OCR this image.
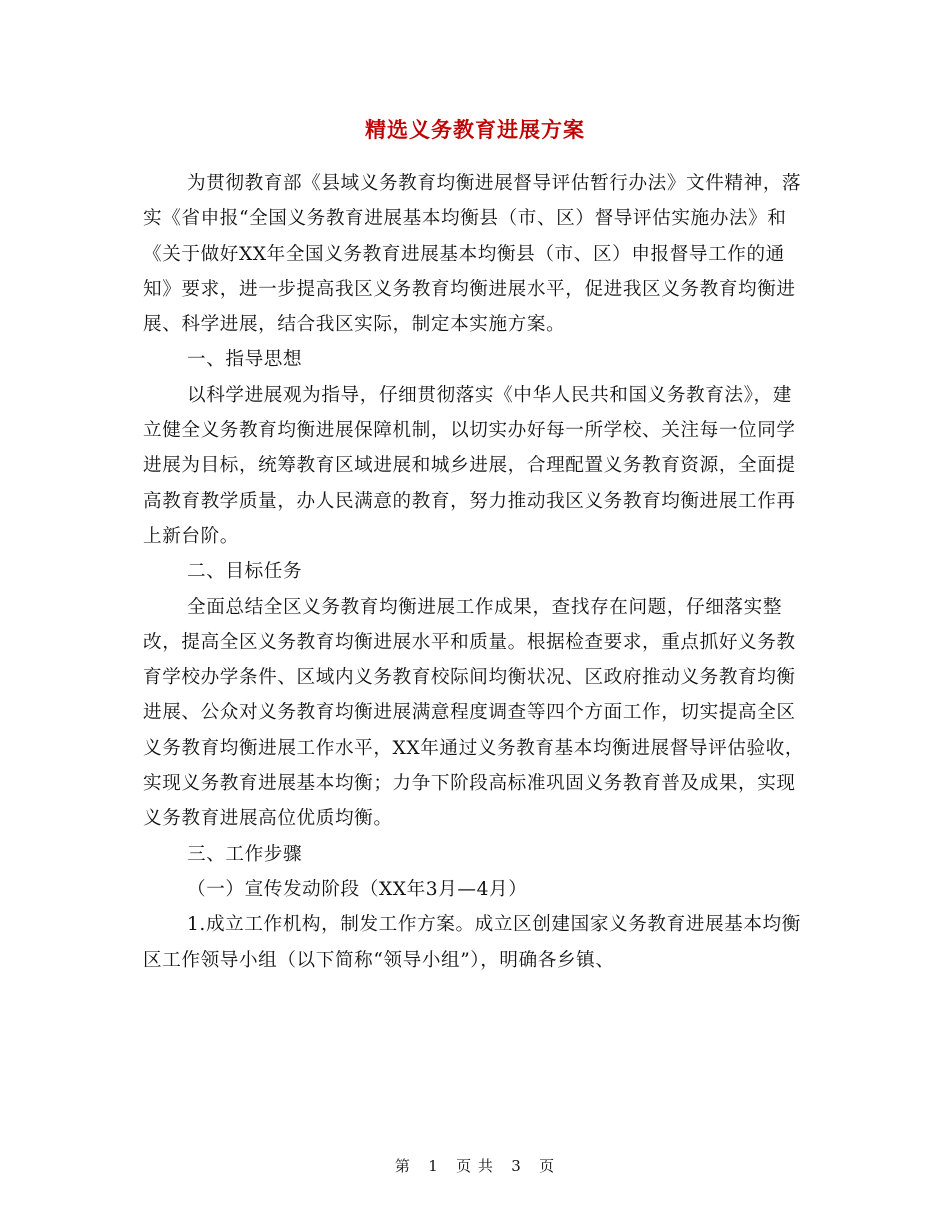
精选义务教育进展方案

为贯彻教育部《县域义务教育均衡进展督导评估暂行办法》文件精神，落实《省申报“全国义务教育进展基本均衡县（市、区）督导评估实施办法》和《关于做好XX年全国义务教育进展基本均衡县（市、区）申报督导工作的通知》要求，进一步提高我区义务教育均衡进展水平，促进我区义务教育均衡进展、科学进展，结合我区实际，制定本实施方案。

一、指导思想

以科学进展观为指导，仔细贯彻落实《中华人民共和国义务教育法》，建立健全义务教育均衡进展保障机制，以切实办好每一所学校、关注每一位同学进展为目标，统筹教育区域进展和城乡进展，合理配置义务教育资源，全面提高教育教学质量，办人民满意的教育，努力推动我区义务教育均衡进展工作再上新台阶。

二、目标任务

全面总结全区义务教育均衡进展工作成果，查找存在问题，仔细落实整改，提高全区义务教育均衡进展水平和质量。根据检查要求，重点抓好义务教育学校办学条件、区域内义务教育校际间均衡状况、区政府推动义务教育均衡进展、公众对义务教育均衡进展满意程度调查等四个方面工作，切实提高全区义务教育均衡进展工作水平，XX年通过义务教育基本均衡进展督导评估验收，实现义务教育进展基本均衡；力争下阶段高标准巩固义务教育普及成果，实现义务教育进展高位优质均衡。

三、工作步骤

（一）宣传发动阶段（XX年3月—4月）

1.成立工作机构，制发工作方案。成立区创建国家义务教育进展基本均衡区工作领导小组（以下简称“领导小组”），明确各乡镇、

第 1 页 共 3 页
